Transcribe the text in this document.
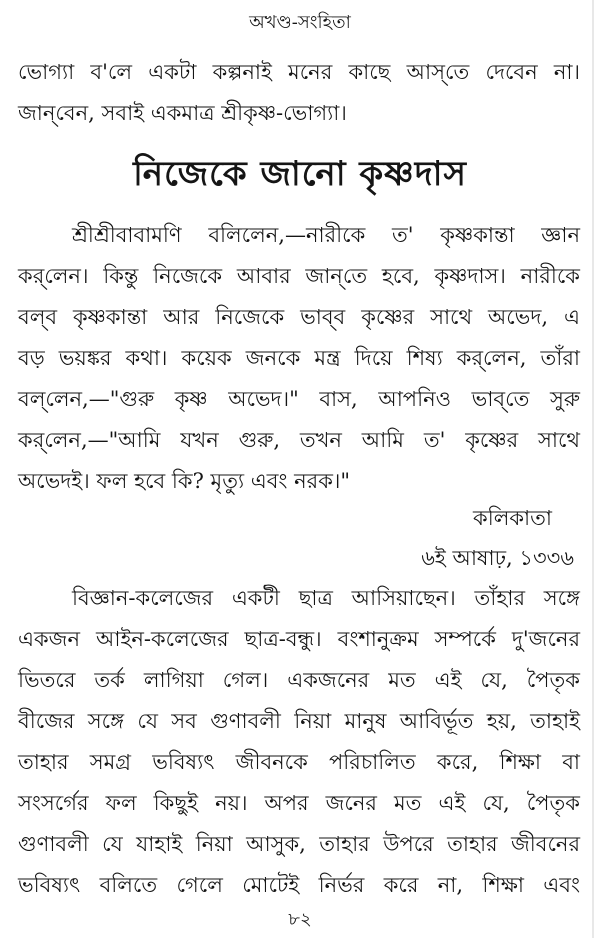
অখণ্ড-সংহিতা
ভোগ্যা ব'লে একটা কল্পনাই মনের কাছে আস্‌তে দেবেন না।
জান্‌বেন, সবাই একমাত্র শ্রীকৃষ্ণ-ভোগ্যা।
নিজেকে জানো কৃষ্ণদাস
শ্রীশ্রীবাবামণি বলিলেন,—নারীকে ত' কৃষ্ণকান্তা জ্ঞান
কর্‌লেন। কিন্তু নিজেকে আবার জান্‌তে হবে, কৃষ্ণদাস। নারীকে
বল্‌ব কৃষ্ণকান্তা আর নিজেকে ভাব্‌ব কৃষ্ণের সাথে অভেদ, এ
বড় ভয়ঙ্কর কথা। কয়েক জনকে মন্ত্র দিয়ে শিষ্য কর্‌লেন, তাঁরা
বল্‌লেন,—"গুরু কৃষ্ণ অভেদ।" বাস, আপনিও ভাব্‌তে সুরু
কর্‌লেন,—"আমি যখন গুরু, তখন আমি ত' কৃষ্ণের সাথে
অভেদই। ফল হবে কি? মৃত্যু এবং নরক।"
কলিকাতা
৬ই আষাঢ়, ১৩৩৬
বিজ্ঞান-কলেজের একটী ছাত্র আসিয়াছেন। তাঁহার সঙ্গে
একজন আইন-কলেজের ছাত্র-বন্ধু। বংশানুক্রম সম্পর্কে দু'জনের
ভিতরে তর্ক লাগিয়া গেল। একজনের মত এই যে, পৈতৃক
বীজের সঙ্গে যে সব গুণাবলী নিয়া মানুষ আবির্ভূত হয়, তাহাই
তাহার সমগ্র ভবিষ্যৎ জীবনকে পরিচালিত করে, শিক্ষা বা
সংসর্গের ফল কিছুই নয়। অপর জনের মত এই যে, পৈতৃক
গুণাবলী যে যাহাই নিয়া আসুক, তাহার উপরে তাহার জীবনের
ভবিষ্যৎ বলিতে গেলে মোটেই নির্ভর করে না, শিক্ষা এবং
৮২
